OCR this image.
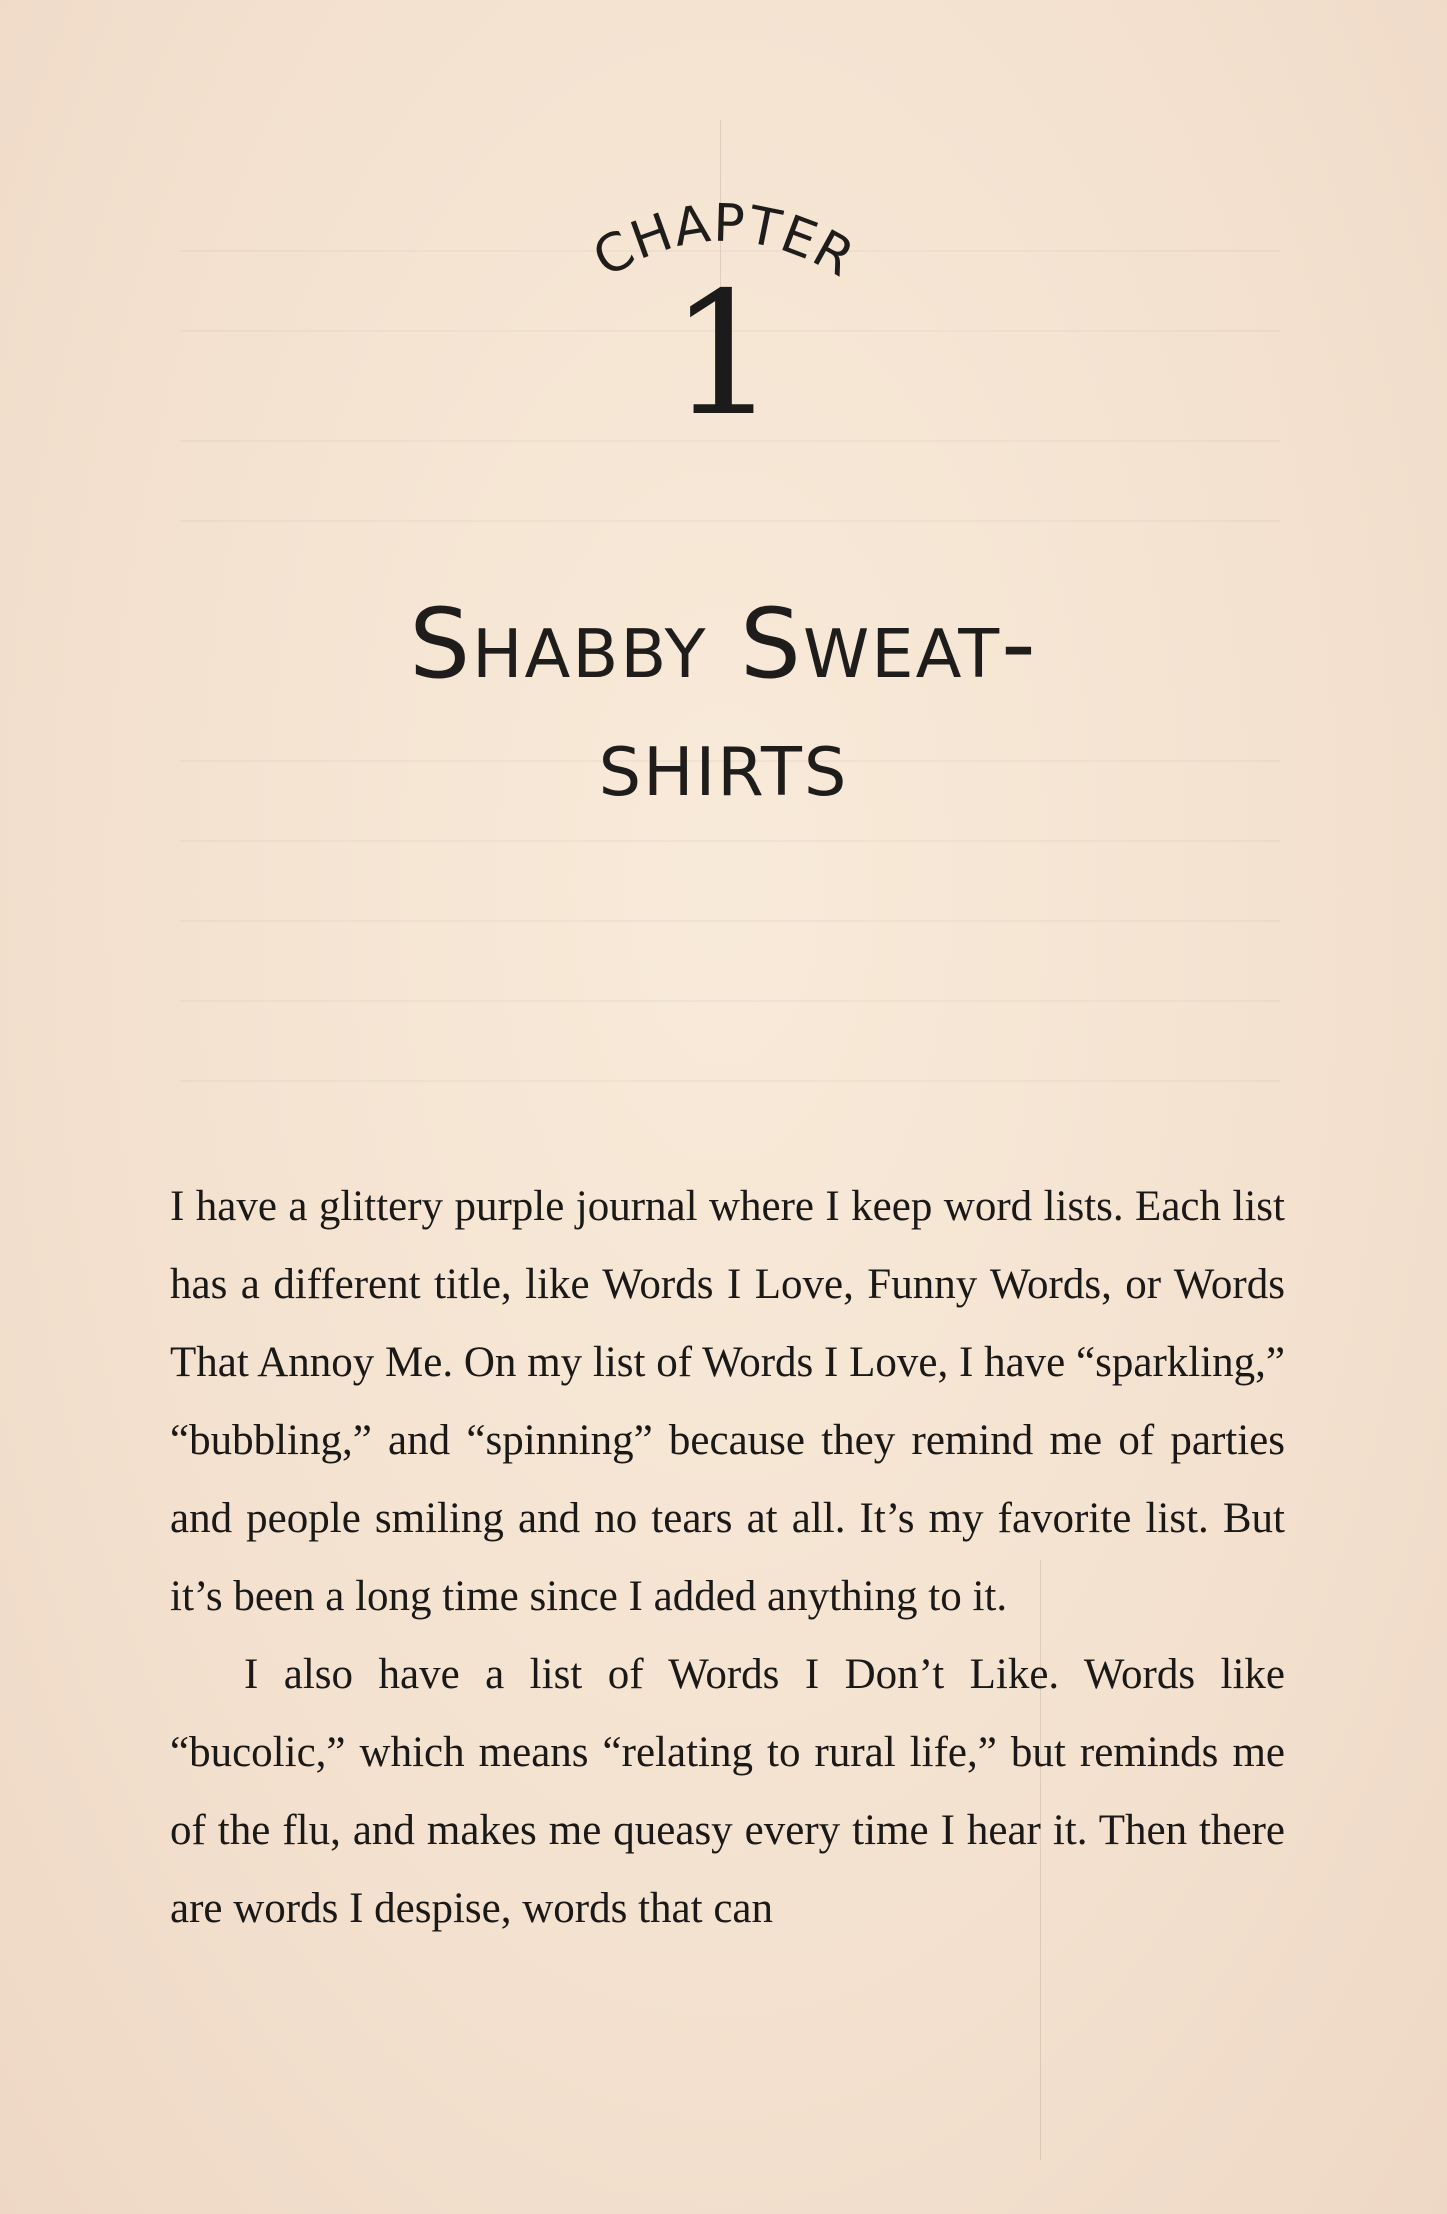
CHAPTER
1
Shabby Sweat-
shirts

I have a glittery purple journal where I keep word lists. Each list has a different title, like Words I Love, Funny Words, or Words That Annoy Me. On my list of Words I Love, I have “sparkling,” “bubbling,” and “spinning” because they remind me of parties and people smiling and no tears at all. It’s my favorite list. But it’s been a long time since I added anything to it.

I also have a list of Words I Don’t Like. Words like “bucolic,” which means “relating to rural life,” but reminds me of the flu, and makes me queasy every time I hear it. Then there are words I despise, words that can
